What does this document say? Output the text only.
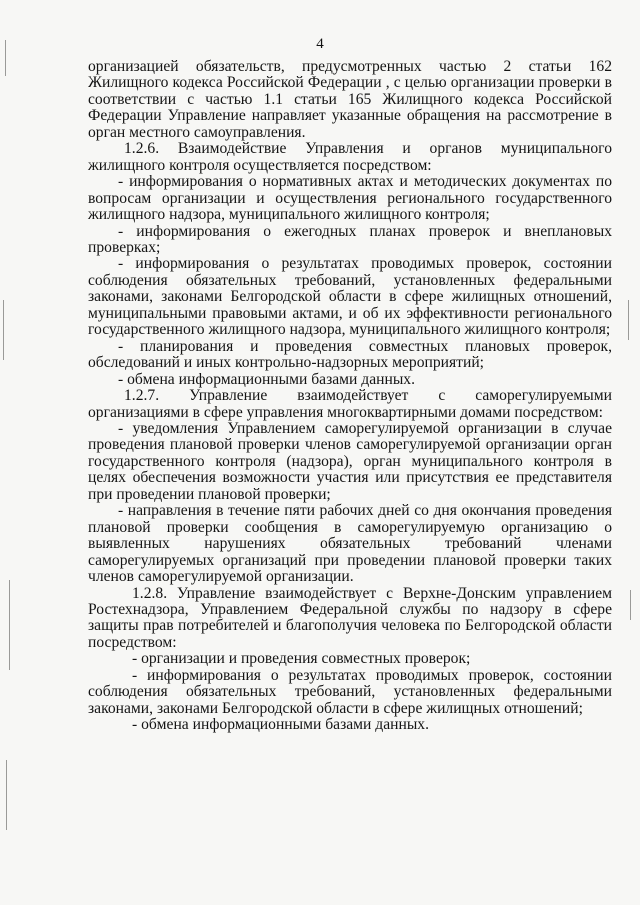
4

организацией обязательств, предусмотренных частью 2 статьи 162 Жилищного кодекса Российской Федерации , с целью организации проверки в соответствии с частью 1.1 статьи 165 Жилищного кодекса Российской Федерации Управление направляет указанные обращения на рассмотрение в орган местного самоуправления.

1.2.6. Взаимодействие Управления и органов муниципального жилищного контроля осуществляется посредством:

- информирования о нормативных актах и методических документах по вопросам организации и осуществления регионального государственного жилищного надзора, муниципального жилищного контроля;

- информирования о ежегодных планах проверок и внеплановых проверках;

- информирования о результатах проводимых проверок, состоянии соблюдения обязательных требований, установленных федеральными законами, законами Белгородской области в сфере жилищных отношений, муниципальными правовыми актами, и об их эффективности регионального государственного жилищного надзора, муниципального жилищного контроля;

- планирования и проведения совместных плановых проверок, обследований и иных контрольно-надзорных мероприятий;

- обмена информационными базами данных.

1.2.7. Управление взаимодействует с саморегулируемыми организациями в сфере управления многоквартирными домами посредством:

- уведомления Управлением саморегулируемой организации в случае проведения плановой проверки членов саморегулируемой организации орган государственного контроля (надзора), орган муниципального контроля в целях обеспечения возможности участия или присутствия ее представителя при проведении плановой проверки;

- направления в течение пяти рабочих дней со дня окончания проведения плановой проверки сообщения в саморегулируемую организацию о выявленных нарушениях обязательных требований членами саморегулируемых организаций при проведении плановой проверки таких членов саморегулируемой организации.

1.2.8. Управление взаимодействует с Верхне-Донским управлением Ростехнадзора, Управлением Федеральной службы по надзору в сфере защиты прав потребителей и благополучия человека по Белгородской области посредством:

- организации и проведения совместных проверок;

- информирования о результатах проводимых проверок, состоянии соблюдения обязательных требований, установленных федеральными законами, законами Белгородской области в сфере жилищных отношений;

- обмена информационными базами данных.
